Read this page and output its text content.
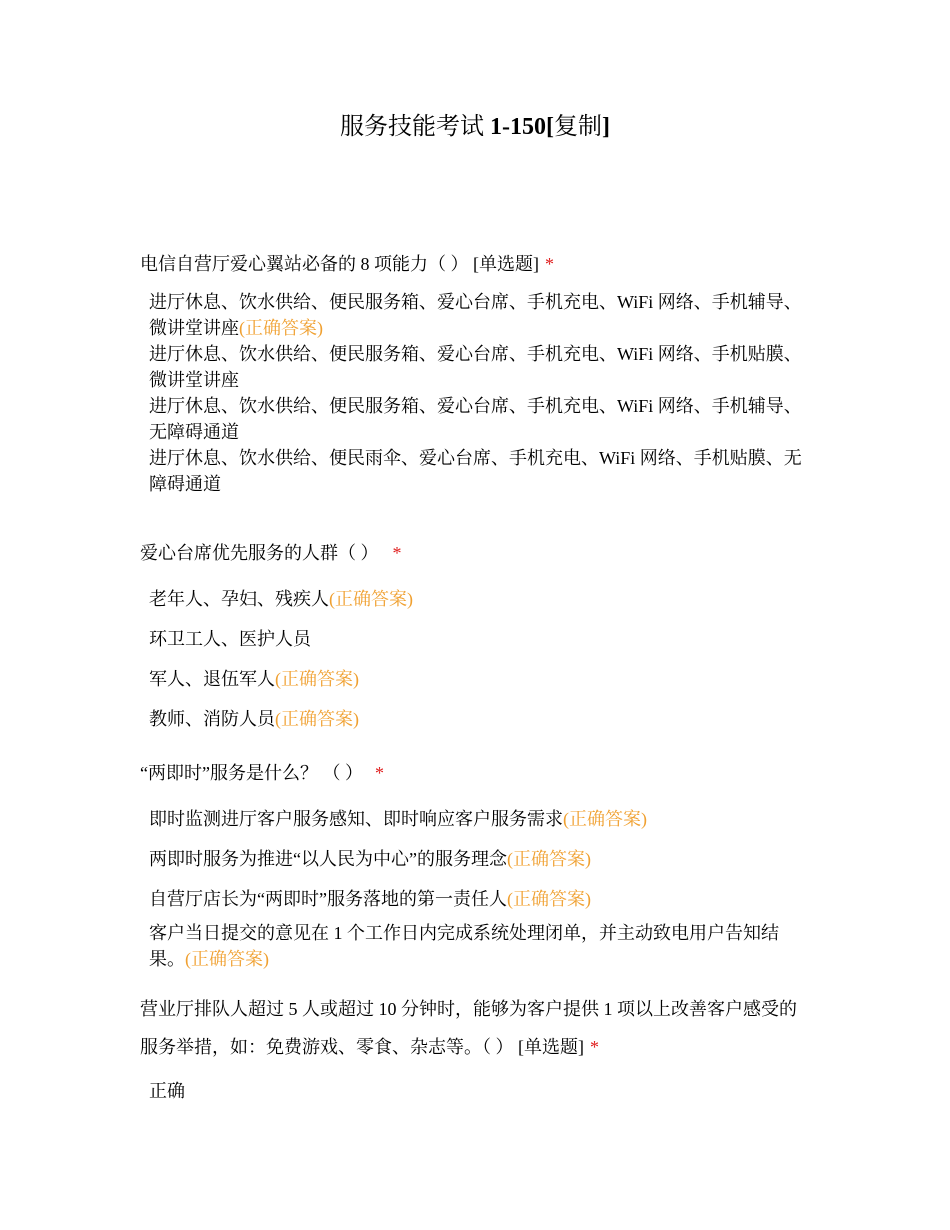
服务技能考试 1-150[复制]
电信自营厅爱心翼站必备的 8 项能力（ ） [单选题] *
进厅休息、饮水供给、便民服务箱、爱心台席、手机充电、WiFi 网络、手机辅导、微讲堂讲座(正确答案)
进厅休息、饮水供给、便民服务箱、爱心台席、手机充电、WiFi 网络、手机贴膜、微讲堂讲座
进厅休息、饮水供给、便民服务箱、爱心台席、手机充电、WiFi 网络、手机辅导、无障碍通道
进厅休息、饮水供给、便民雨伞、爱心台席、手机充电、WiFi 网络、手机贴膜、无障碍通道
爱心台席优先服务的人群（ ） *
老年人、孕妇、残疾人(正确答案)
环卫工人、医护人员
军人、退伍军人(正确答案)
教师、消防人员(正确答案)
“两即时”服务是什么？ （ ） *
即时监测进厅客户服务感知、即时响应客户服务需求(正确答案)
两即时服务为推进“以人民为中心”的服务理念(正确答案)
自营厅店长为“两即时”服务落地的第一责任人(正确答案)
客户当日提交的意见在 1 个工作日内完成系统处理闭单，并主动致电用户告知结果。(正确答案)
营业厅排队人超过 5 人或超过 10 分钟时，能够为客户提供 1 项以上改善客户感受的服务举措，如：免费游戏、零食、杂志等。（ ） [单选题] *
正确
